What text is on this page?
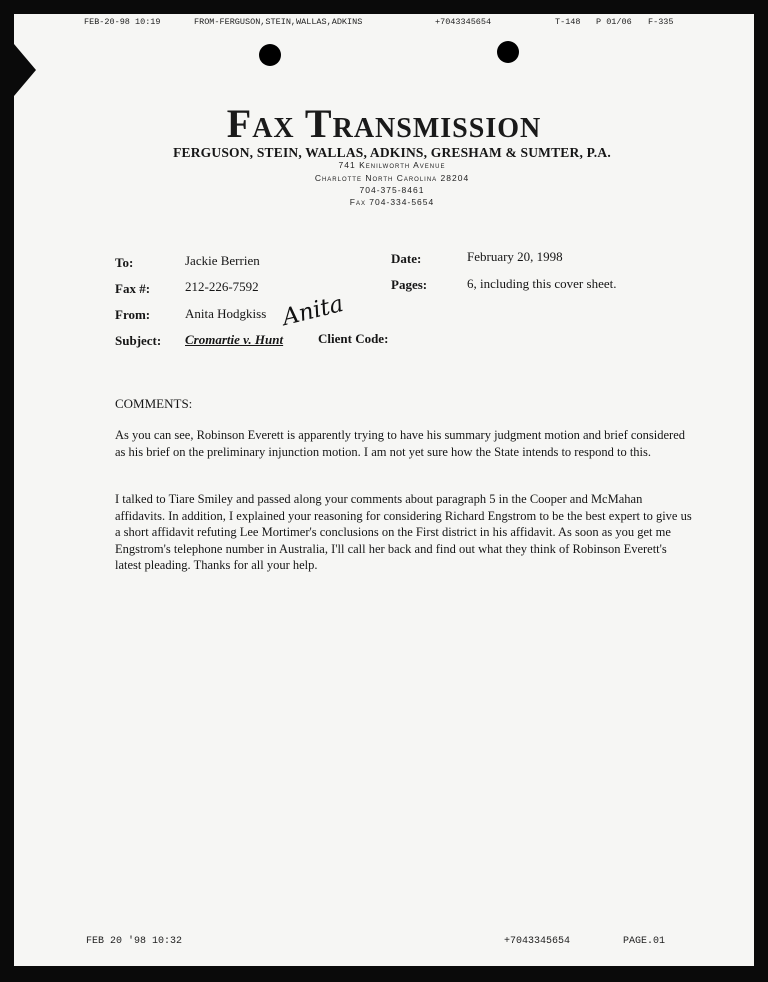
FEB-20-98 10:19	FROM-FERGUSON,STEIN,WALLAS,ADKINS	+7043345654	T-148 P 01/06 F-335
Fax Transmission
FERGUSON, STEIN, WALLAS, ADKINS, GRESHAM & SUMTER, P.A.
741 Kenilworth Avenue
Charlotte North Carolina 28204
704-375-8461
Fax 704-334-5654
To:	Jackie Berrien
Fax #:	212-226-7592
From:	Anita Hodgkiss Anita
Subject: Cromartie v. Hunt	Client Code:
Date:	February 20, 1998
Pages:	6, including this cover sheet.
COMMENTS:
As you can see, Robinson Everett is apparently trying to have his summary judgment motion and brief considered as his brief on the preliminary injunction motion. I am not yet sure how the State intends to respond to this.
I talked to Tiare Smiley and passed along your comments about paragraph 5 in the Cooper and McMahan affidavits. In addition, I explained your reasoning for considering Richard Engstrom to be the best expert to give us a short affidavit refuting Lee Mortimer's conclusions on the First district in his affidavit. As soon as you get me Engstrom's telephone number in Australia, I'll call her back and find out what they think of Robinson Everett's latest pleading. Thanks for all your help.
FEB 20 '98 10:32	+7043345654	PAGE.01
